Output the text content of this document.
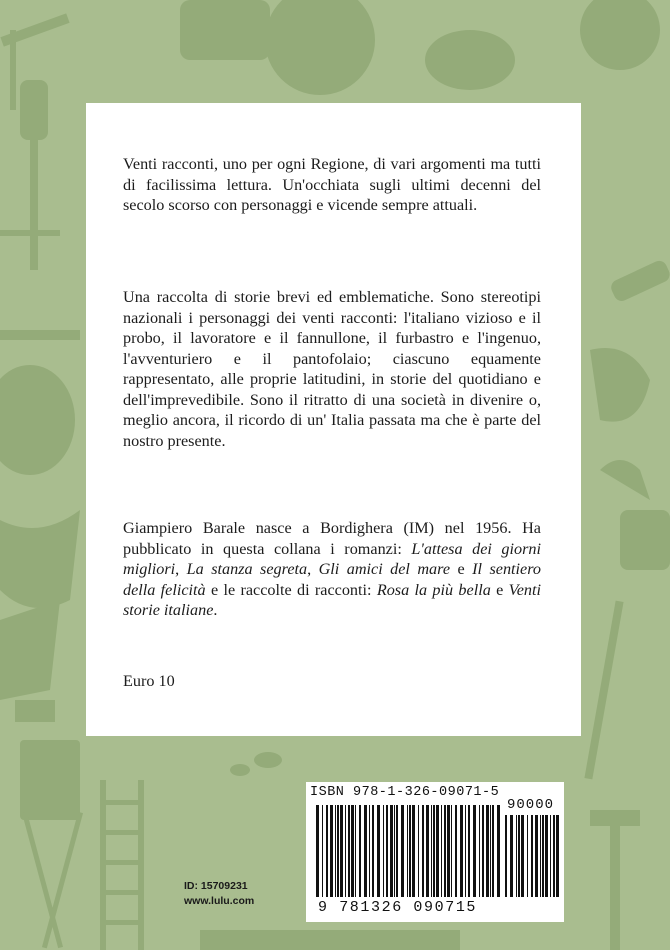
Venti racconti, uno per ogni Regione, di vari argomenti ma tutti di facilissima lettura. Un'occhiata sugli ultimi decenni del secolo scorso con personaggi e vicende sempre attuali.

Una raccolta di storie brevi ed emblematiche. Sono stereotipi nazionali i personaggi dei venti racconti: l'italiano vizioso e il probo, il lavoratore e il fannullone, il furbastro e l'ingenuo, l'avventuriero e il pantofolaio; ciascuno equamente rappresentato, alle proprie latitudini, in storie del quotidiano e dell'imprevedibile. Sono il ritratto di una società in divenire o, meglio ancora, il ricordo di un' Italia passata ma che è parte del nostro presente.

Giampiero Barale nasce a Bordighera (IM) nel 1956. Ha pubblicato in questa collana i romanzi: L'attesa dei giorni migliori, La stanza segreta, Gli amici del mare e Il sentiero della felicità e le raccolte di racconti: Rosa la più bella e Venti storie italiane.

Euro 10

ID: 15709231
www.lulu.com
ISBN 978-1-326-09071-5
90000
9 781326 090715
